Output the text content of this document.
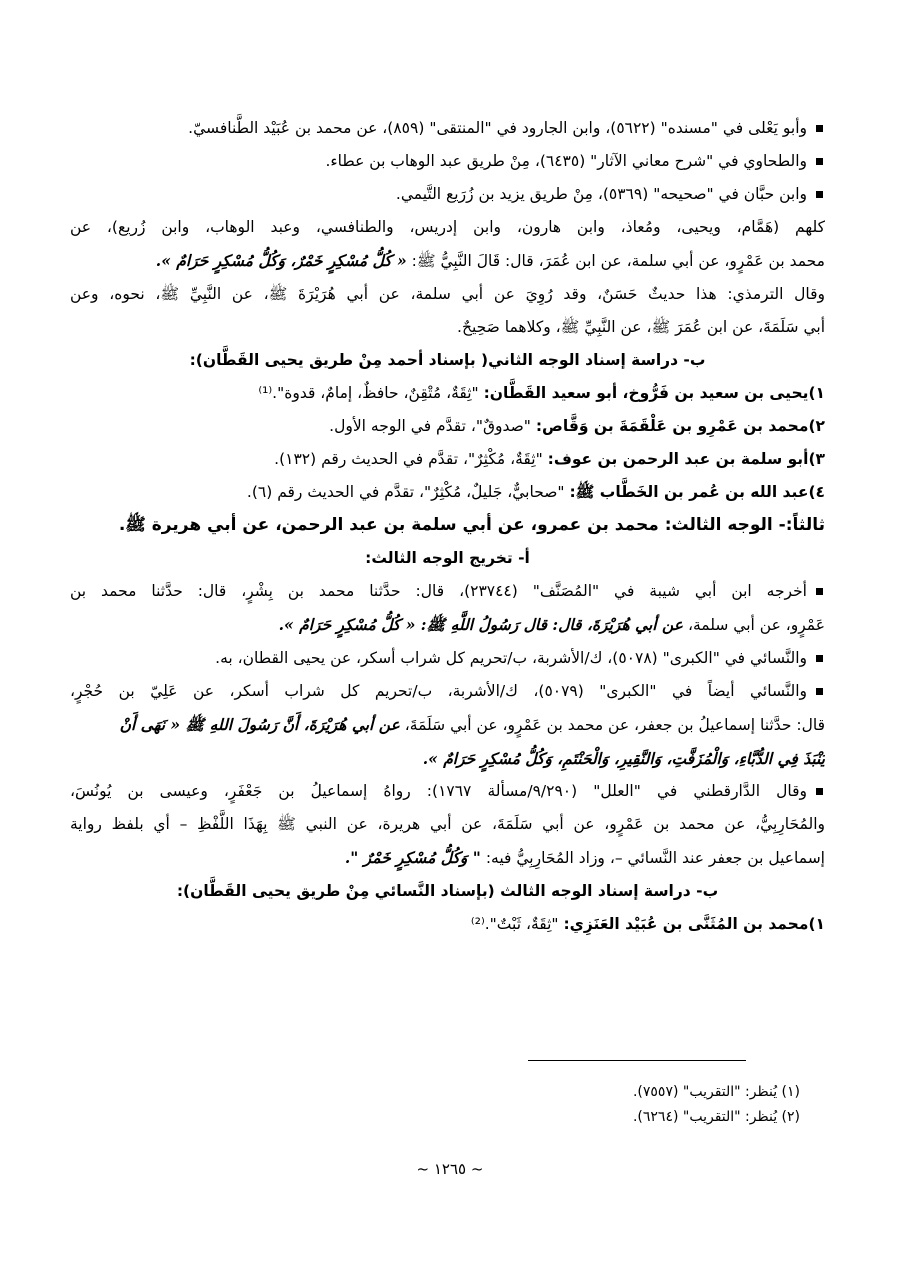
وأبو يَعْلى في "مسنده" (٥٦٢٢)، وابن الجارود في "المنتقى" (٨٥٩)، عن محمد بن عُبَيْد الطَّنافسيّ.
والطحاوي في "شرح معاني الآثار" (٦٤٣٥)، مِنْ طريق عبد الوهاب بن عطاء.
وابن حبَّان في "صحيحه" (٥٣٦٩)، مِنْ طريق يزيد بن زُرَيع التَّيمي.
كلهم (هَمَّام، ويحيى، ومُعاذ، وابن هارون، وابن إدريس، والطنافسي، وعبد الوهاب، وابن زُريع)، عن
محمد بن عَمْرٍو، عن أبي سلمة، عن ابن عُمَرَ، قال: قَالَ النَّبِيُّ ﷺ: « كُلُّ مُسْكِرٍ خَمْرٌ، وَكُلُّ مُسْكِرٍ حَرَامٌ ».
وقال الترمذي: هذا حديثٌ حَسَنٌ، وقد رُوِيَ عن أبي سلمة، عن أبي هُرَيْرَةَ ﷺ، عن النَّبِيِّ ﷺ، نحوه، وعن
أبي سَلَمَةَ، عن ابن عُمَرَ ﷺ، عن النَّبِيِّ ﷺ، وكلاهما صَحِيحٌ.
ب- دراسة إسناد الوجه الثاني( بإسناد أحمد مِنْ طريق يحيى القَطَّان):
١)يحيى بن سعيد بن فَرُّوخ، أبو سعيد القَطَّان: "ثِقَةٌ، مُتْقِنٌ، حافظٌ، إمامٌ، قدوة".⁽¹⁾
٢)محمد بن عَمْرِو بن عَلْقَمَةَ بن وَقَّاص: "صدوقٌ"، تقدَّم في الوجه الأول.
٣)أبو سلمة بن عبد الرحمن بن عوف: "ثِقَةٌ، مُكْثِرٌ"، تقدَّم في الحديث رقم (١٣٢).
٤)عبد الله بن عُمر بن الخَطَّاب ﷺ: "صحابيٌّ، جَليلٌ، مُكْثِرٌ"، تقدَّم في الحديث رقم (٦).
ثالثاً:- الوجه الثالث: محمد بن عمرو، عن أبي سلمة بن عبد الرحمن، عن أبي هريرة ﷺ.
أ- تخريج الوجه الثالث:
أخرجه ابن أبي شيبة في "المُصَنَّف" (٢٣٧٤٤)، قال: حدَّثنا محمد بن بِشْرٍ، قال: حدَّثنا محمد بن
عَمْرٍو، عن أبي سلمة، عن أبي هُرَيْرَةَ، قال: قال رَسُولُ اللَّهِ ﷺ: « كُلُّ مُسْكِرٍ حَرَامٌ ».
والنَّسائي في "الكبرى" (٥٠٧٨)، ك/الأشربة، ب/تحريم كل شراب أسكر، عن يحيى القطان، به.
والنَّسائي أيضاً في "الكبرى" (٥٠٧٩)، ك/الأشربة، ب/تحريم كل شراب أسكر، عن عَلِيّ بن حُجْرٍ،
قال: حدَّثنا إسماعيلُ بن جعفر، عن محمد بن عَمْرٍو، عن أبي سَلَمَةَ، عن أبي هُرَيْرَةَ، أَنَّ رَسُولَ اللهِ ﷺ « نَهَى أَنْ
يُنْبَذَ فِي الدُّبَّاءِ، وَالْمُزَفَّتِ، وَالنَّقِيرِ، وَالْحَنْتَمِ، وَكُلُّ مُسْكِرٍ حَرَامٌ ».
وقال الدَّارقطني في "العلل" (٩/٢٩٠/مسألة ١٧٦٧): رواهُ إسماعيلُ بن جَعْفَرٍ، وعيسى بن يُونُسَ،
والمُحَارِبِيُّ، عن محمد بن عَمْرٍو، عن أبي سَلَمَةَ، عن أبي هريرة، عن النبي ﷺ بِهَذَا اللَّفْظِ – أي بلفظ رواية
إسماعيل بن جعفر عند النَّسائي –، وزاد المُحَارِبِيُّ فيه: " وَكُلُّ مُسْكِرٍ خَمْرٌ ".
ب- دراسة إسناد الوجه الثالث (بإسناد النَّسائي مِنْ طريق يحيى القَطَّان):
١)محمد بن المُثَنَّى بن عُبَيْد العَنَزِي: "ثِقَةٌ، ثَبْتٌ".⁽²⁾
(١) يُنظر: "التقريب" (٧٥٥٧).
(٢) يُنظر: "التقريب" (٦٢٦٤).
~ ١٢٦٥ ~
